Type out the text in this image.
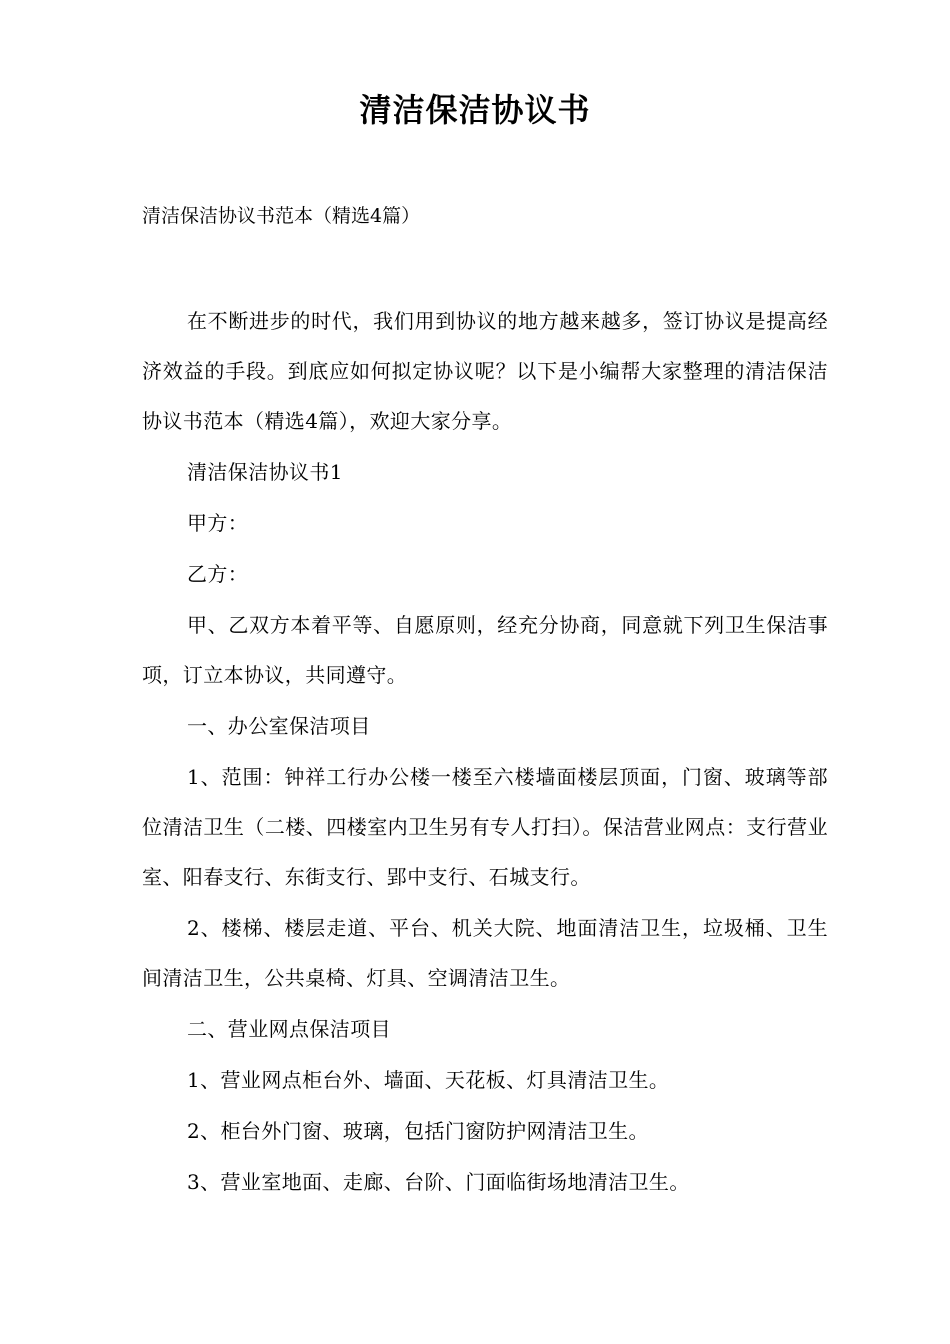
清洁保洁协议书
清洁保洁协议书范本（精选4篇）

在不断进步的时代，我们用到协议的地方越来越多，签订协议是提高经济效益的手段。到底应如何拟定协议呢？以下是小编帮大家整理的清洁保洁协议书范本（精选4篇），欢迎大家分享。

清洁保洁协议书1

甲方：

乙方：

甲、乙双方本着平等、自愿原则，经充分协商，同意就下列卫生保洁事项，订立本协议，共同遵守。

一、办公室保洁项目

1、范围：钟祥工行办公楼一楼至六楼墙面楼层顶面，门窗、玻璃等部位清洁卫生（二楼、四楼室内卫生另有专人打扫）。保洁营业网点：支行营业室、阳春支行、东街支行、郢中支行、石城支行。

2、楼梯、楼层走道、平台、机关大院、地面清洁卫生，垃圾桶、卫生间清洁卫生，公共桌椅、灯具、空调清洁卫生。

二、营业网点保洁项目

1、营业网点柜台外、墙面、天花板、灯具清洁卫生。

2、柜台外门窗、玻璃，包括门窗防护网清洁卫生。

3、营业室地面、走廊、台阶、门面临街场地清洁卫生。
